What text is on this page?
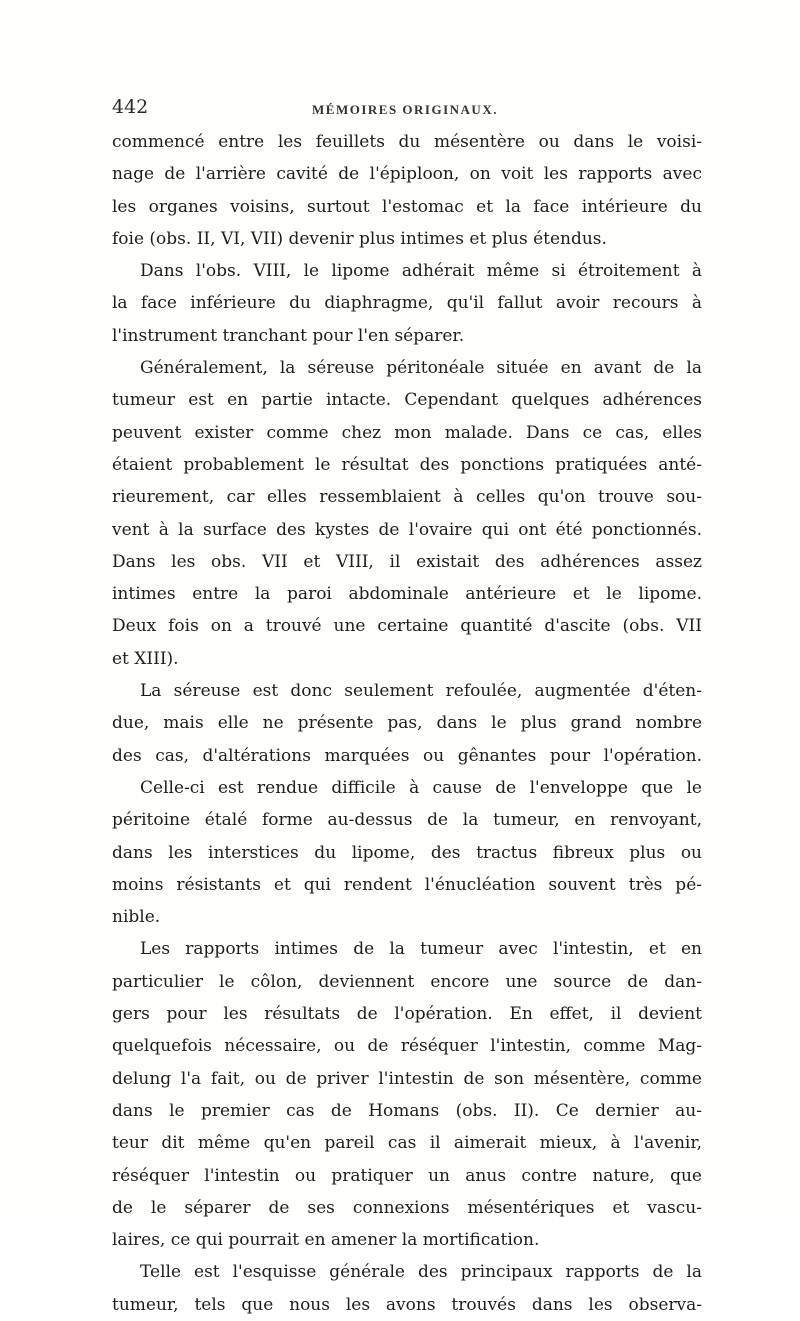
442	MÉMOIRES ORIGINAUX.
commencé entre les feuillets du mésentère ou dans le voisi-
nage de l'arrière cavité de l'épiploon, on voit les rapports avec
les organes voisins, surtout l'estomac et la face intérieure du
foie (obs. II, VI, VII) devenir plus intimes et plus étendus.
Dans l'obs. VIII, le lipome adhérait même si étroitement à
la face inférieure du diaphragme, qu'il fallut avoir recours à
l'instrument tranchant pour l'en séparer.
Généralement, la séreuse péritonéale située en avant de la
tumeur est en partie intacte. Cependant quelques adhérences
peuvent exister comme chez mon malade. Dans ce cas, elles
étaient probablement le résultat des ponctions pratiquées anté-
rieurement, car elles ressemblaient à celles qu'on trouve sou-
vent à la surface des kystes de l'ovaire qui ont été ponctionnés.
Dans les obs. VII et VIII, il existait des adhérences assez
intimes entre la paroi abdominale antérieure et le lipome.
Deux fois on a trouvé une certaine quantité d'ascite (obs. VII
et XIII).
La séreuse est donc seulement refoulée, augmentée d'éten-
due, mais elle ne présente pas, dans le plus grand nombre
des cas, d'altérations marquées ou gênantes pour l'opération.
Celle-ci est rendue difficile à cause de l'enveloppe que le
péritoine étalé forme au-dessus de la tumeur, en renvoyant,
dans les interstices du lipome, des tractus fibreux plus ou
moins résistants et qui rendent l'énucléation souvent très pé-
nible.
Les rapports intimes de la tumeur avec l'intestin, et en
particulier le côlon, deviennent encore une source de dan-
gers pour les résultats de l'opération. En effet, il devient
quelquefois nécessaire, ou de réséquer l'intestin, comme Mag-
delung l'a fait, ou de priver l'intestin de son mésentère, comme
dans le premier cas de Homans (obs. II). Ce dernier au-
teur dit même qu'en pareil cas il aimerait mieux, à l'avenir,
réséquer l'intestin ou pratiquer un anus contre nature, que
de le séparer de ses connexions mésentériques et vascu-
laires, ce qui pourrait en amener la mortification.
Telle est l'esquisse générale des principaux rapports de la
tumeur, tels que nous les avons trouvés dans les observa-
